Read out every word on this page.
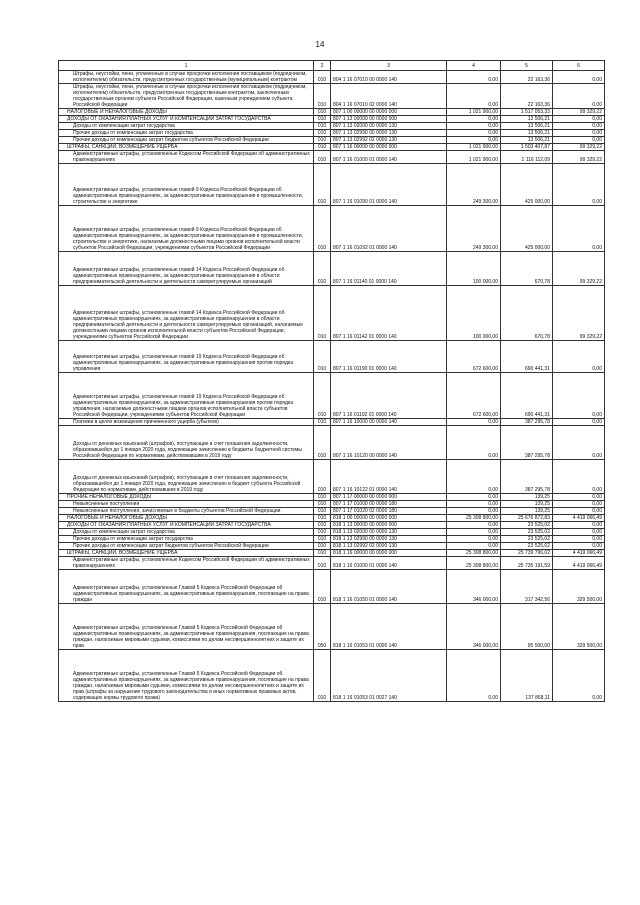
14
1	2	3	4	5	6
Штрафы, неустойки, пени, уплаченные в случае просрочки исполнения поставщиком (подрядчиком, исполнителем) обязательств, предусмотренных государственным (муниципальным) контрактом	010	804 1 16 07010 00 0000 140	0,00	22 163,36	0,00
Штрафы, неустойки, пени, уплаченные в случае просрочки исполнения поставщиком (подрядчиком, исполнителем) обязательств, предусмотренных государственным контрактом, заключенным государственным органом субъекта Российской Федерации, казенным учреждением субъекта Российской Федерации	010	804 1 16 07010 02 0000 140	0,00	22 163,36	0,00
НАЛОГОВЫЕ И НЕНАЛОГОВЫЕ ДОХОДЫ	010	807 1 00 00000 00 0000 000	1 021 900,00	1 517 053,33	99 329,22
ДОХОДЫ ОТ ОКАЗАНИЯ ПЛАТНЫХ УСЛУГ И КОМПЕНСАЦИИ ЗАТРАТ ГОСУДАРСТВА	010	807 1 13 00000 00 0000 000	0,00	13 506,21	0,00
Доходы от компенсации затрат государства	010	807 1 13 02000 00 0000 130	0,00	13 506,21	0,00
Прочие доходы от компенсации затрат государства	010	807 1 13 02990 00 0000 130	0,00	13 506,21	0,00
Прочие доходы от компенсации затрат бюджетов субъектов Российской Федерации	010	807 1 13 02992 02 0000 130	0,00	13 506,21	0,00
ШТРАФЫ, САНКЦИИ, ВОЗМЕЩЕНИЕ УЩЕРБА	010	807 1 16 00000 00 0000 000	1 021 900,00	1 503 407,87	99 329,22
Административные штрафы, установленные Кодексом Российской Федерации об административных правонарушениях	010	807 1 16 01000 01 0000 140	1 021 900,00	1 116 112,09	99 329,22
Административные штрафы, установленные главой 9 Кодекса Российской Федерации об административных правонарушениях, за административные правонарушения в промышленности, строительстве и энергетике	010	807 1 16 01090 01 0000 140	249 300,00	425 000,00	0,00
Административные штрафы, установленные главой 9 Кодекса Российской Федерации об административных правонарушениях, за административные правонарушения в промышленности, строительстве и энергетике, налагаемые должностными лицами органов исполнительной власти субъектов Российской Федерации, учреждениями субъектов Российской Федерации	010	807 1 16 01092 01 0000 140	249 300,00	425 000,00	0,00
Административные штрафы, установленные главой 14 Кодекса Российской Федерации об административных правонарушениях, за административные правонарушения в области предпринимательской деятельности и деятельности саморегулируемых организаций	010	807 1 16 01140 01 0000 140	100 000,00	670,78	99 329,22
Административные штрафы, установленные главой 14 Кодекса Российской Федерации об административных правонарушениях, за административные правонарушения в области предпринимательской деятельности и деятельности саморегулируемых организаций, налагаемые должностными лицами органов исполнительной власти субъектов Российской Федерации, учреждениями субъектов Российской Федерации	010	807 1 16 01142 01 0000 140	100 000,00	670,78	99 329,22
Административные штрафы, установленные главой 19 Кодекса Российской Федерации об административных правонарушениях, за административные правонарушения против порядка управления	010	807 1 16 01190 01 0000 140	672 600,00	690 441,31	0,00
Административные штрафы, установленные главой 19 Кодекса Российской Федерации об административных правонарушениях, за административные правонарушения против порядка управления, налагаемые должностными лицами органов исполнительной власти субъектов Российской Федерации, учреждениями субъектов Российской Федерации	010	807 1 16 01192 01 0000 140	672 600,00	690 441,31	0,00
Платежи в целях возмещения причиненного ущерба (убытков)	010	807 1 16 10000 00 0000 140	0,00	387 295,78	0,00
Доходы от денежных взысканий (штрафов), поступающие в счет погашения задолженности, образовавшейся до 1 января 2020 года, подлежащие зачислению в бюджеты бюджетной системы Российской Федерации по нормативам, действовавшим в 2019 году	010	807 1 16 10120 00 0000 140	0,00	387 295,78	0,00
Доходы от денежных взысканий (штрафов), поступающие в счет погашения задолженности, образовавшейся до 1 января 2020 года, подлежащие зачислению в бюджет субъекта Российской Федерации по нормативам, действовавшим в 2019 году	010	807 1 16 10122 01 0000 140	0,00	387 295,78	0,00
ПРОЧИЕ НЕНАЛОГОВЫЕ ДОХОДЫ	010	807 1 17 00000 00 0000 000	0,00	139,25	0,00
Невыясненные поступления	010	807 1 17 01000 00 0000 180	0,00	139,25	0,00
Невыясненные поступления, зачисляемые в бюджеты субъектов Российской Федерации	010	807 1 17 01020 02 0000 180	0,00	139,25	0,00
НАЛОГОВЫЕ И НЕНАЛОГОВЫЕ ДОХОДЫ	010	818 1 00 00000 00 0000 000	25 308 800,00	25 676 872,83	4 419 066,49
ДОХОДЫ ОТ ОКАЗАНИЯ ПЛАТНЫХ УСЛУГ И КОМПЕНСАЦИИ ЗАТРАТ ГОСУДАРСТВА	010	818 1 13 00000 00 0000 000	0,00	23 525,02	0,00
Доходы от компенсации затрат государства	010	818 1 13 02000 00 0000 130	0,00	23 525,02	0,00
Прочие доходы от компенсации затрат государства	010	818 1 13 02990 00 0000 130	0,00	23 525,02	0,00
Прочие доходы от компенсации затрат бюджетов субъектов Российской Федерации	010	818 1 13 02992 02 0000 130	0,00	23 525,02	0,00
ШТРАФЫ, САНКЦИИ, ВОЗМЕЩЕНИЕ УЩЕРБА	010	818 1 16 00000 00 0000 000	25 308 800,00	25 739 796,02	4 419 066,49
Административные штрафы, установленные Кодексом Российской Федерации об административных правонарушениях	010	818 1 16 01000 01 0000 140	25 308 800,00	25 735 191,59	4 419 066,49
Административные штрафы, установленные Главой 5 Кодекса Российской Федерации об административных правонарушениях, за административные правонарушения, посягающие на права граждан	010	818 1 16 01050 01 0000 140	346 000,00	317 342,56	329 500,00
Административные штрафы, установленные Главой 5 Кодекса Российской Федерации об административных правонарушениях, за административные правонарушения, посягающие на права граждан, налагаемые мировыми судьями, комиссиями по делам несовершеннолетних и защите их прав	050	818 1 16 01053 01 0000 140	346 000,00	95 500,00	329 500,00
Административные штрафы, установленные Главой 5 Кодекса Российской Федерации об административных правонарушениях, за административные правонарушения, посягающие на права граждан, налагаемые мировыми судьями, комиссиями по делам несовершеннолетних и защите их прав (штрафы за нарушение трудового законодательства и иных нормативных правовых актов, содержащих нормы трудового права)	010	818 1 16 01053 01 0027 140	0,00	137 868,11	0,00
